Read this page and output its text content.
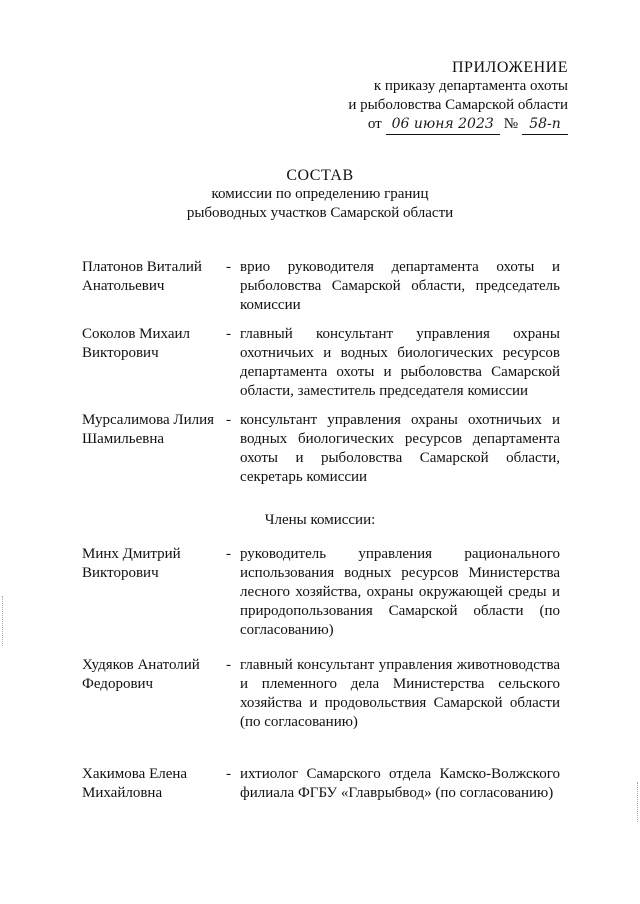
ПРИЛОЖЕНИЕ
к приказу департамента охоты
и рыболовства Самарской области
от 06 июня 2023 № 58-п
СОСТАВ
комиссии по определению границ
рыбоводных участков Самарской области
Платонов Виталий Анатольевич
- врио руководителя департамента охоты и рыболовства Самарской области, председатель комиссии
Соколов Михаил Викторович
- главный консультант управления охраны охотничьих и водных биологических ресурсов департамента охоты и рыболовства Самарской области, заместитель председателя комиссии
Мурсалимова Лилия Шамильевна
- консультант управления охраны охотничьих и водных биологических ресурсов департамента охоты и рыболовства Самарской области, секретарь комиссии
Члены комиссии:
Минх Дмитрий Викторович
- руководитель управления рационального использования водных ресурсов Министерства лесного хозяйства, охраны окружающей среды и природопользования Самарской области (по согласованию)
Худяков Анатолий Федорович
- главный консультант управления животноводства и племенного дела Министерства сельского хозяйства и продовольствия Самарской области (по согласованию)
Хакимова Елена Михайловна
- ихтиолог Самарского отдела Камско-Волжского филиала ФГБУ «Главрыбвод» (по согласованию)
